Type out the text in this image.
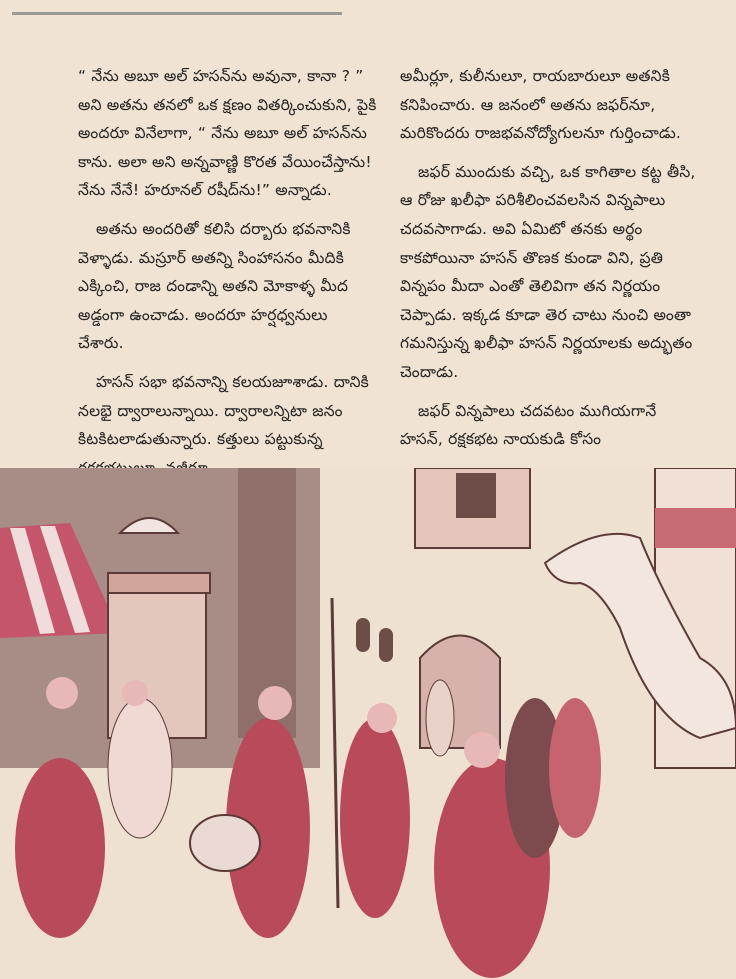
“ నేను అబూ అల్ హసన్‌ను అవునా, కానా ? ” అని అతను తనలో ఒక క్షణం వితర్కించుకుని, పైకి అందరూ వినేలాగా, “ నేను అబూ అల్ హసన్‌ను కాను. అలా అని అన్నవాణ్ణి కొరత వేయించేస్తాను! నేను నేనే! హరూనల్ రషీద్‌ను!” అన్నాడు.

అతను అందరితో కలిసి దర్బారు భవనానికి వెళ్ళాడు. మస్రూర్ అతన్ని సింహాసనం మీదికి ఎక్కించి, రాజ దండాన్ని అతని మోకాళ్ళ మీద అడ్డంగా ఉంచాడు. అందరూ హర్షధ్వనులు చేశారు.

హసన్ సభా భవనాన్ని కలయజూశాడు. దానికి నలభై ద్వారాలున్నాయి. ద్వారాలన్నిటా జనం కిటకిటలాడుతున్నారు. కత్తులు పట్టుకున్న

అమీర్లూ, కులీనులూ, రాయబారులూ అతనికి కనిపించారు. ఆ జనంలో అతను జఫర్‌నూ, మరికొందరు రాజభవనోద్యోగులనూ గుర్తించాడు.

జఫర్ ముందుకు వచ్చి, ఒక కాగితాల కట్ట తీసి, ఆ రోజు ఖలీఫా పరిశీలించవలసిన విన్నపాలు చదవసాగాడు. అవి ఏమిటో తనకు అర్థం కాకపోయినా హసన్ తొణక కుండా విని, ప్రతి విన్నపం మీదా ఎంతో తెలివిగా తన నిర్ణయం చెప్పాడు. ఇక్కడ కూడా తెర చాటు నుంచి అంతా గమనిస్తున్న ఖలీఫా హసన్ నిర్ణయాలకు అద్భుతం చెందాడు.

జఫర్ విన్నపాలు చదవటం ముగియగానే హసన్, రక్షకభట నాయకుడి కోసం
